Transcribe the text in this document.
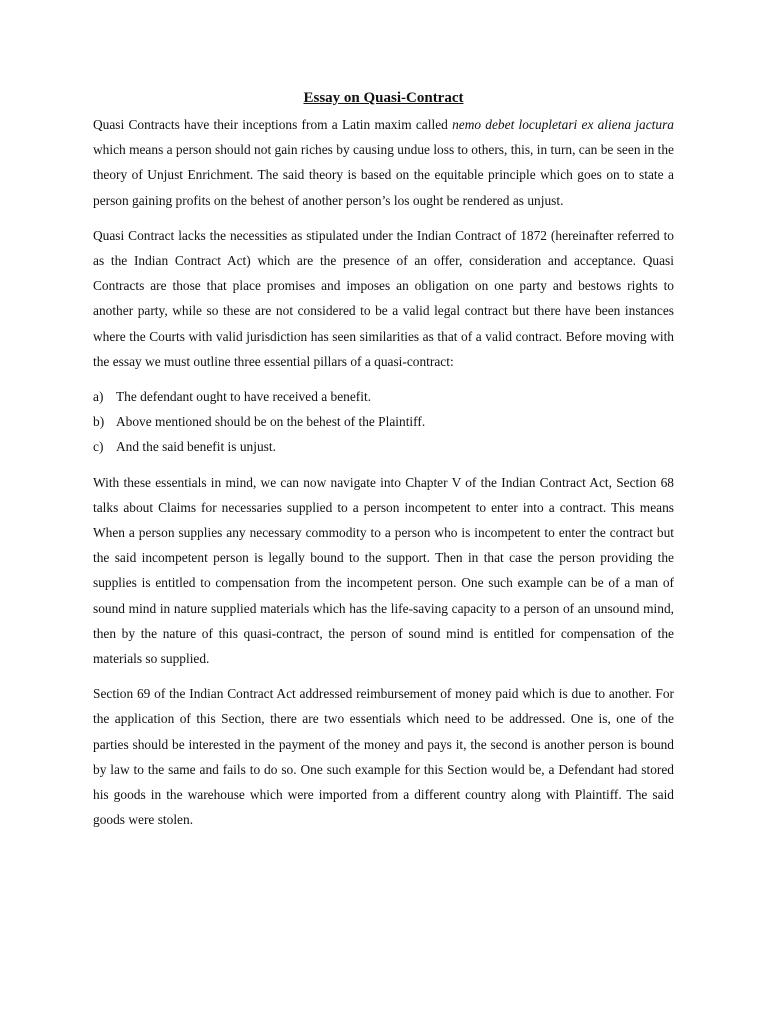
Essay on Quasi-Contract

Quasi Contracts have their inceptions from a Latin maxim called nemo debet locupletari ex aliena jactura which means a person should not gain riches by causing undue loss to others, this, in turn, can be seen in the theory of Unjust Enrichment. The said theory is based on the equitable principle which goes on to state a person gaining profits on the behest of another person’s los ought be rendered as unjust.

Quasi Contract lacks the necessities as stipulated under the Indian Contract of 1872 (hereinafter referred to as the Indian Contract Act) which are the presence of an offer, consideration and acceptance. Quasi Contracts are those that place promises and imposes an obligation on one party and bestows rights to another party, while so these are not considered to be a valid legal contract but there have been instances where the Courts with valid jurisdiction has seen similarities as that of a valid contract. Before moving with the essay we must outline three essential pillars of a quasi-contract:

a) The defendant ought to have received a benefit.
b) Above mentioned should be on the behest of the Plaintiff.
c) And the said benefit is unjust.

With these essentials in mind, we can now navigate into Chapter V of the Indian Contract Act, Section 68 talks about Claims for necessaries supplied to a person incompetent to enter into a contract. This means When a person supplies any necessary commodity to a person who is incompetent to enter the contract but the said incompetent person is legally bound to the support. Then in that case the person providing the supplies is entitled to compensation from the incompetent person. One such example can be of a man of sound mind in nature supplied materials which has the life-saving capacity to a person of an unsound mind, then by the nature of this quasi-contract, the person of sound mind is entitled for compensation of the materials so supplied.

Section 69 of the Indian Contract Act addressed reimbursement of money paid which is due to another. For the application of this Section, there are two essentials which need to be addressed. One is, one of the parties should be interested in the payment of the money and pays it, the second is another person is bound by law to the same and fails to do so. One such example for this Section would be, a Defendant had stored his goods in the warehouse which were imported from a different country along with Plaintiff. The said goods were stolen.
